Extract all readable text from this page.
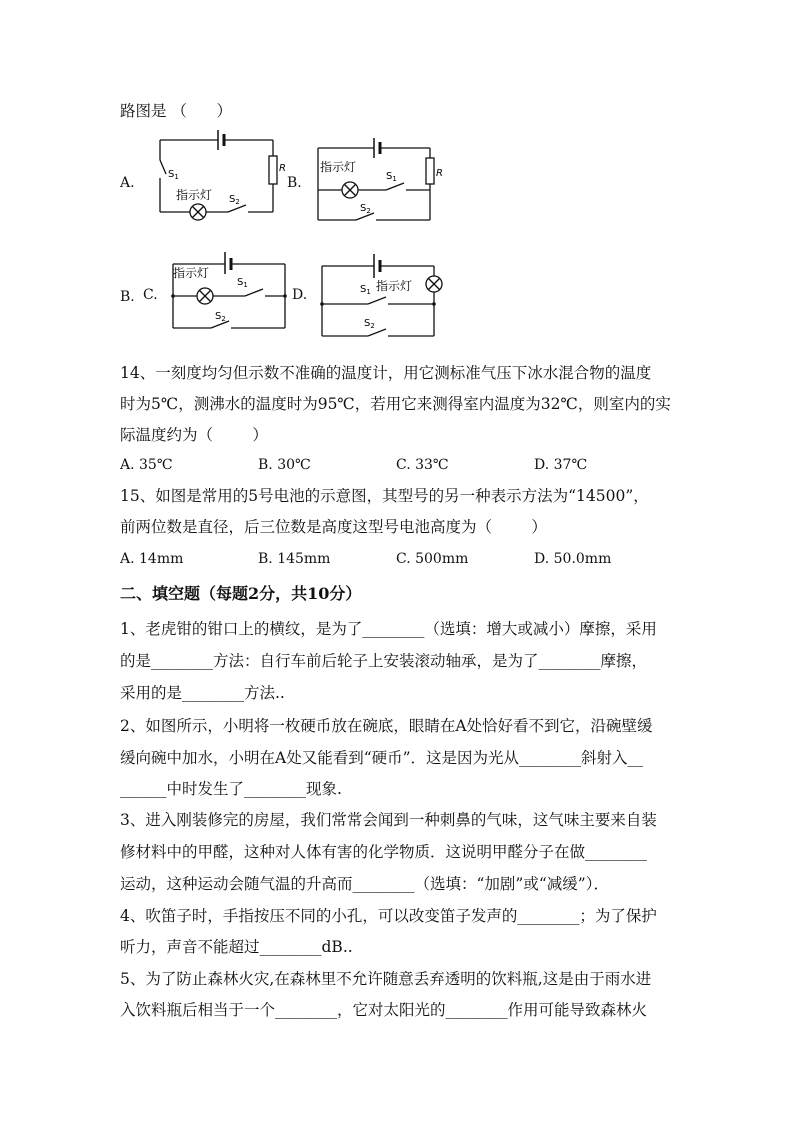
路图是 （      ）
A.	B.
B. C.	D.
$S_1$
R
指示灯 $S_2$
指示灯
$S_1$	R
$S_2$
指示灯
$S_1$
$S_2$
$S_1$ 指示灯
$S_2$
14、一刻度均匀但示数不准确的温度计，用它测标准气压下冰水混合物的温度
时为5℃，测沸水的温度时为95℃，若用它来测得室内温度为32℃，则室内的实
际温度约为（        ）
A. 35℃	B. 30℃	C. 33℃	D. 37℃
15、如图是常用的5号电池的示意图，其型号的另一种表示方法为“14500”，
前两位数是直径，后三位数是高度这型号电池高度为（        ）
A. 14mm	B. 145mm	C. 500mm	D. 50.0mm
二、填空题（每题2分，共10分）
1、老虎钳的钳口上的横纹，是为了________（选填：增大或减小）摩擦，采用
的是________方法：自行车前后轮子上安装滚动轴承，是为了________摩擦，
采用的是________方法..
2、如图所示，小明将一枚硬币放在碗底，眼睛在A处恰好看不到它，沿碗壁缓
缓向碗中加水，小明在A处又能看到“硬币”．这是因为光从________斜射入__
______中时发生了________现象.
3、进入刚装修完的房屋，我们常常会闻到一种刺鼻的气味，这气味主要来自装
修材料中的甲醛，这种对人体有害的化学物质．这说明甲醛分子在做________
运动，这种运动会随气温的升高而________（选填：“加剧”或“减缓”）．
4、吹笛子时，手指按压不同的小孔，可以改变笛子发声的________；为了保护
听力，声音不能超过________dB..
5、为了防止森林火灾,在森林里不允许随意丢弃透明的饮料瓶,这是由于雨水进
入饮料瓶后相当于一个________，它对太阳光的________作用可能导致森林火
